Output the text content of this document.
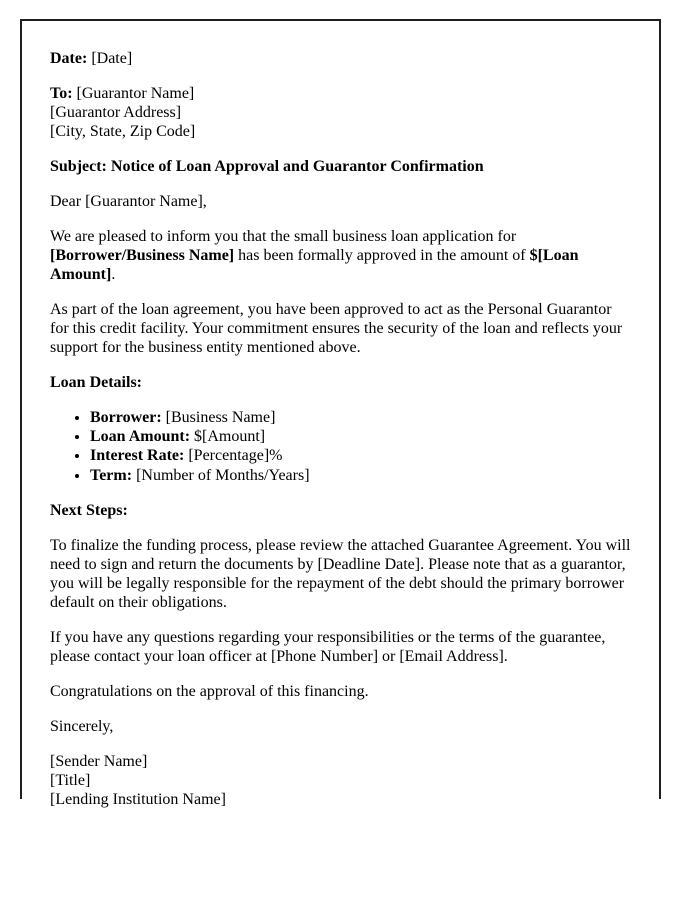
Date: [Date]

To: [Guarantor Name]
[Guarantor Address]
[City, State, Zip Code]

Subject: Notice of Loan Approval and Guarantor Confirmation

Dear [Guarantor Name],

We are pleased to inform you that the small business loan application for [Borrower/Business Name] has been formally approved in the amount of $[Loan Amount].

As part of the loan agreement, you have been approved to act as the Personal Guarantor for this credit facility. Your commitment ensures the security of the loan and reflects your support for the business entity mentioned above.

Loan Details:

• Borrower: [Business Name]
• Loan Amount: $[Amount]
• Interest Rate: [Percentage]%
• Term: [Number of Months/Years]

Next Steps:

To finalize the funding process, please review the attached Guarantee Agreement. You will need to sign and return the documents by [Deadline Date]. Please note that as a guarantor, you will be legally responsible for the repayment of the debt should the primary borrower default on their obligations.

If you have any questions regarding your responsibilities or the terms of the guarantee, please contact your loan officer at [Phone Number] or [Email Address].

Congratulations on the approval of this financing.

Sincerely,

[Sender Name]
[Title]
[Lending Institution Name]
